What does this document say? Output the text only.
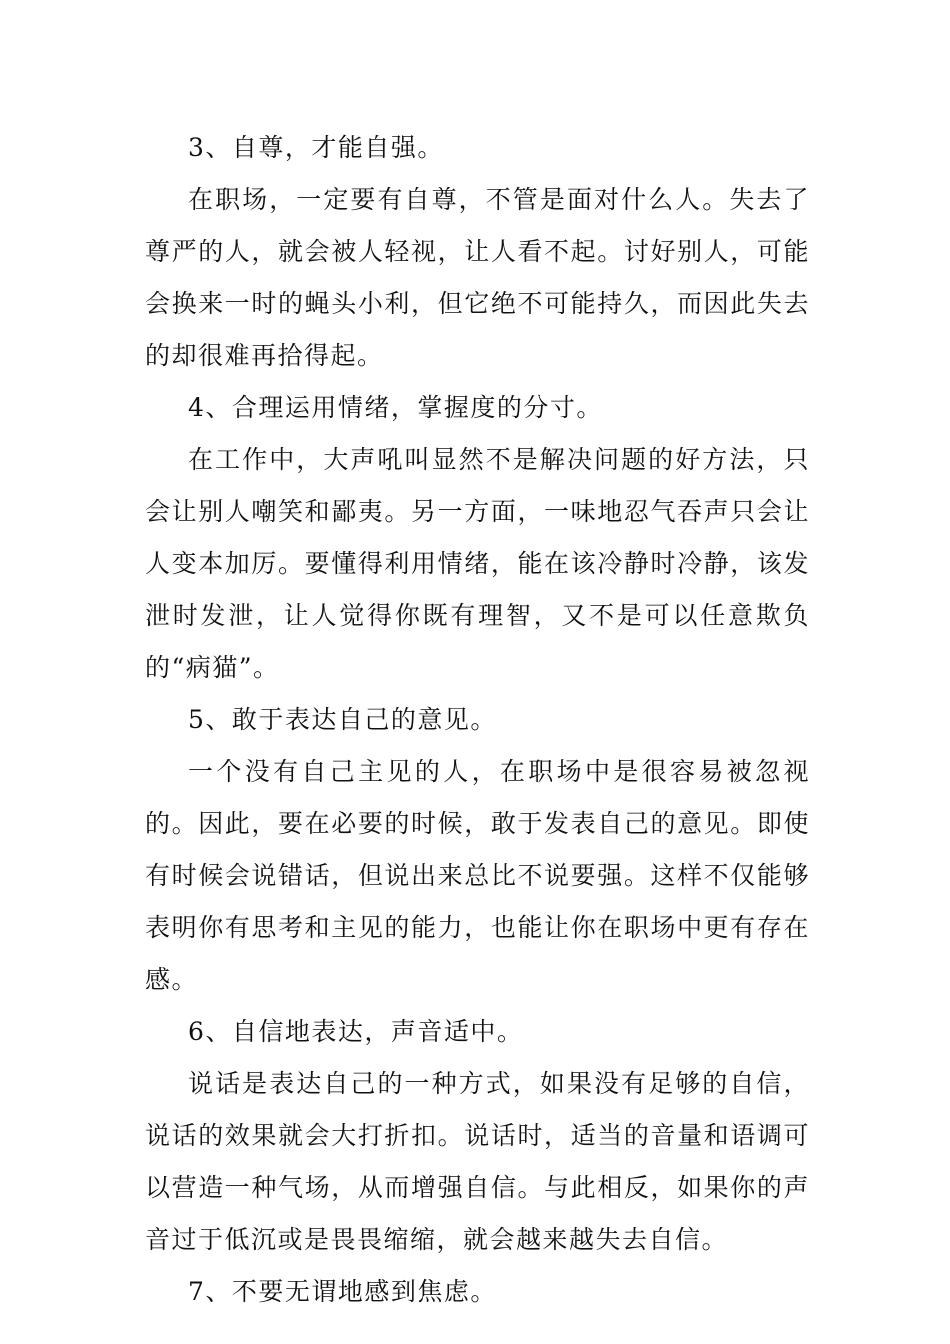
3、自尊，才能自强。

在职场，一定要有自尊，不管是面对什么人。失去了尊严的人，就会被人轻视，让人看不起。讨好别人，可能会换来一时的蝇头小利，但它绝不可能持久，而因此失去的却很难再拾得起。

4、合理运用情绪，掌握度的分寸。

在工作中，大声吼叫显然不是解决问题的好方法，只会让别人嘲笑和鄙夷。另一方面，一味地忍气吞声只会让人变本加厉。要懂得利用情绪，能在该冷静时冷静，该发泄时发泄，让人觉得你既有理智，又不是可以任意欺负的“病猫”。

5、敢于表达自己的意见。

一个没有自己主见的人，在职场中是很容易被忽视的。因此，要在必要的时候，敢于发表自己的意见。即使有时候会说错话，但说出来总比不说要强。这样不仅能够表明你有思考和主见的能力，也能让你在职场中更有存在感。

6、自信地表达，声音适中。

说话是表达自己的一种方式，如果没有足够的自信，说话的效果就会大打折扣。说话时，适当的音量和语调可以营造一种气场，从而增强自信。与此相反，如果你的声音过于低沉或是畏畏缩缩，就会越来越失去自信。

7、不要无谓地感到焦虑。
